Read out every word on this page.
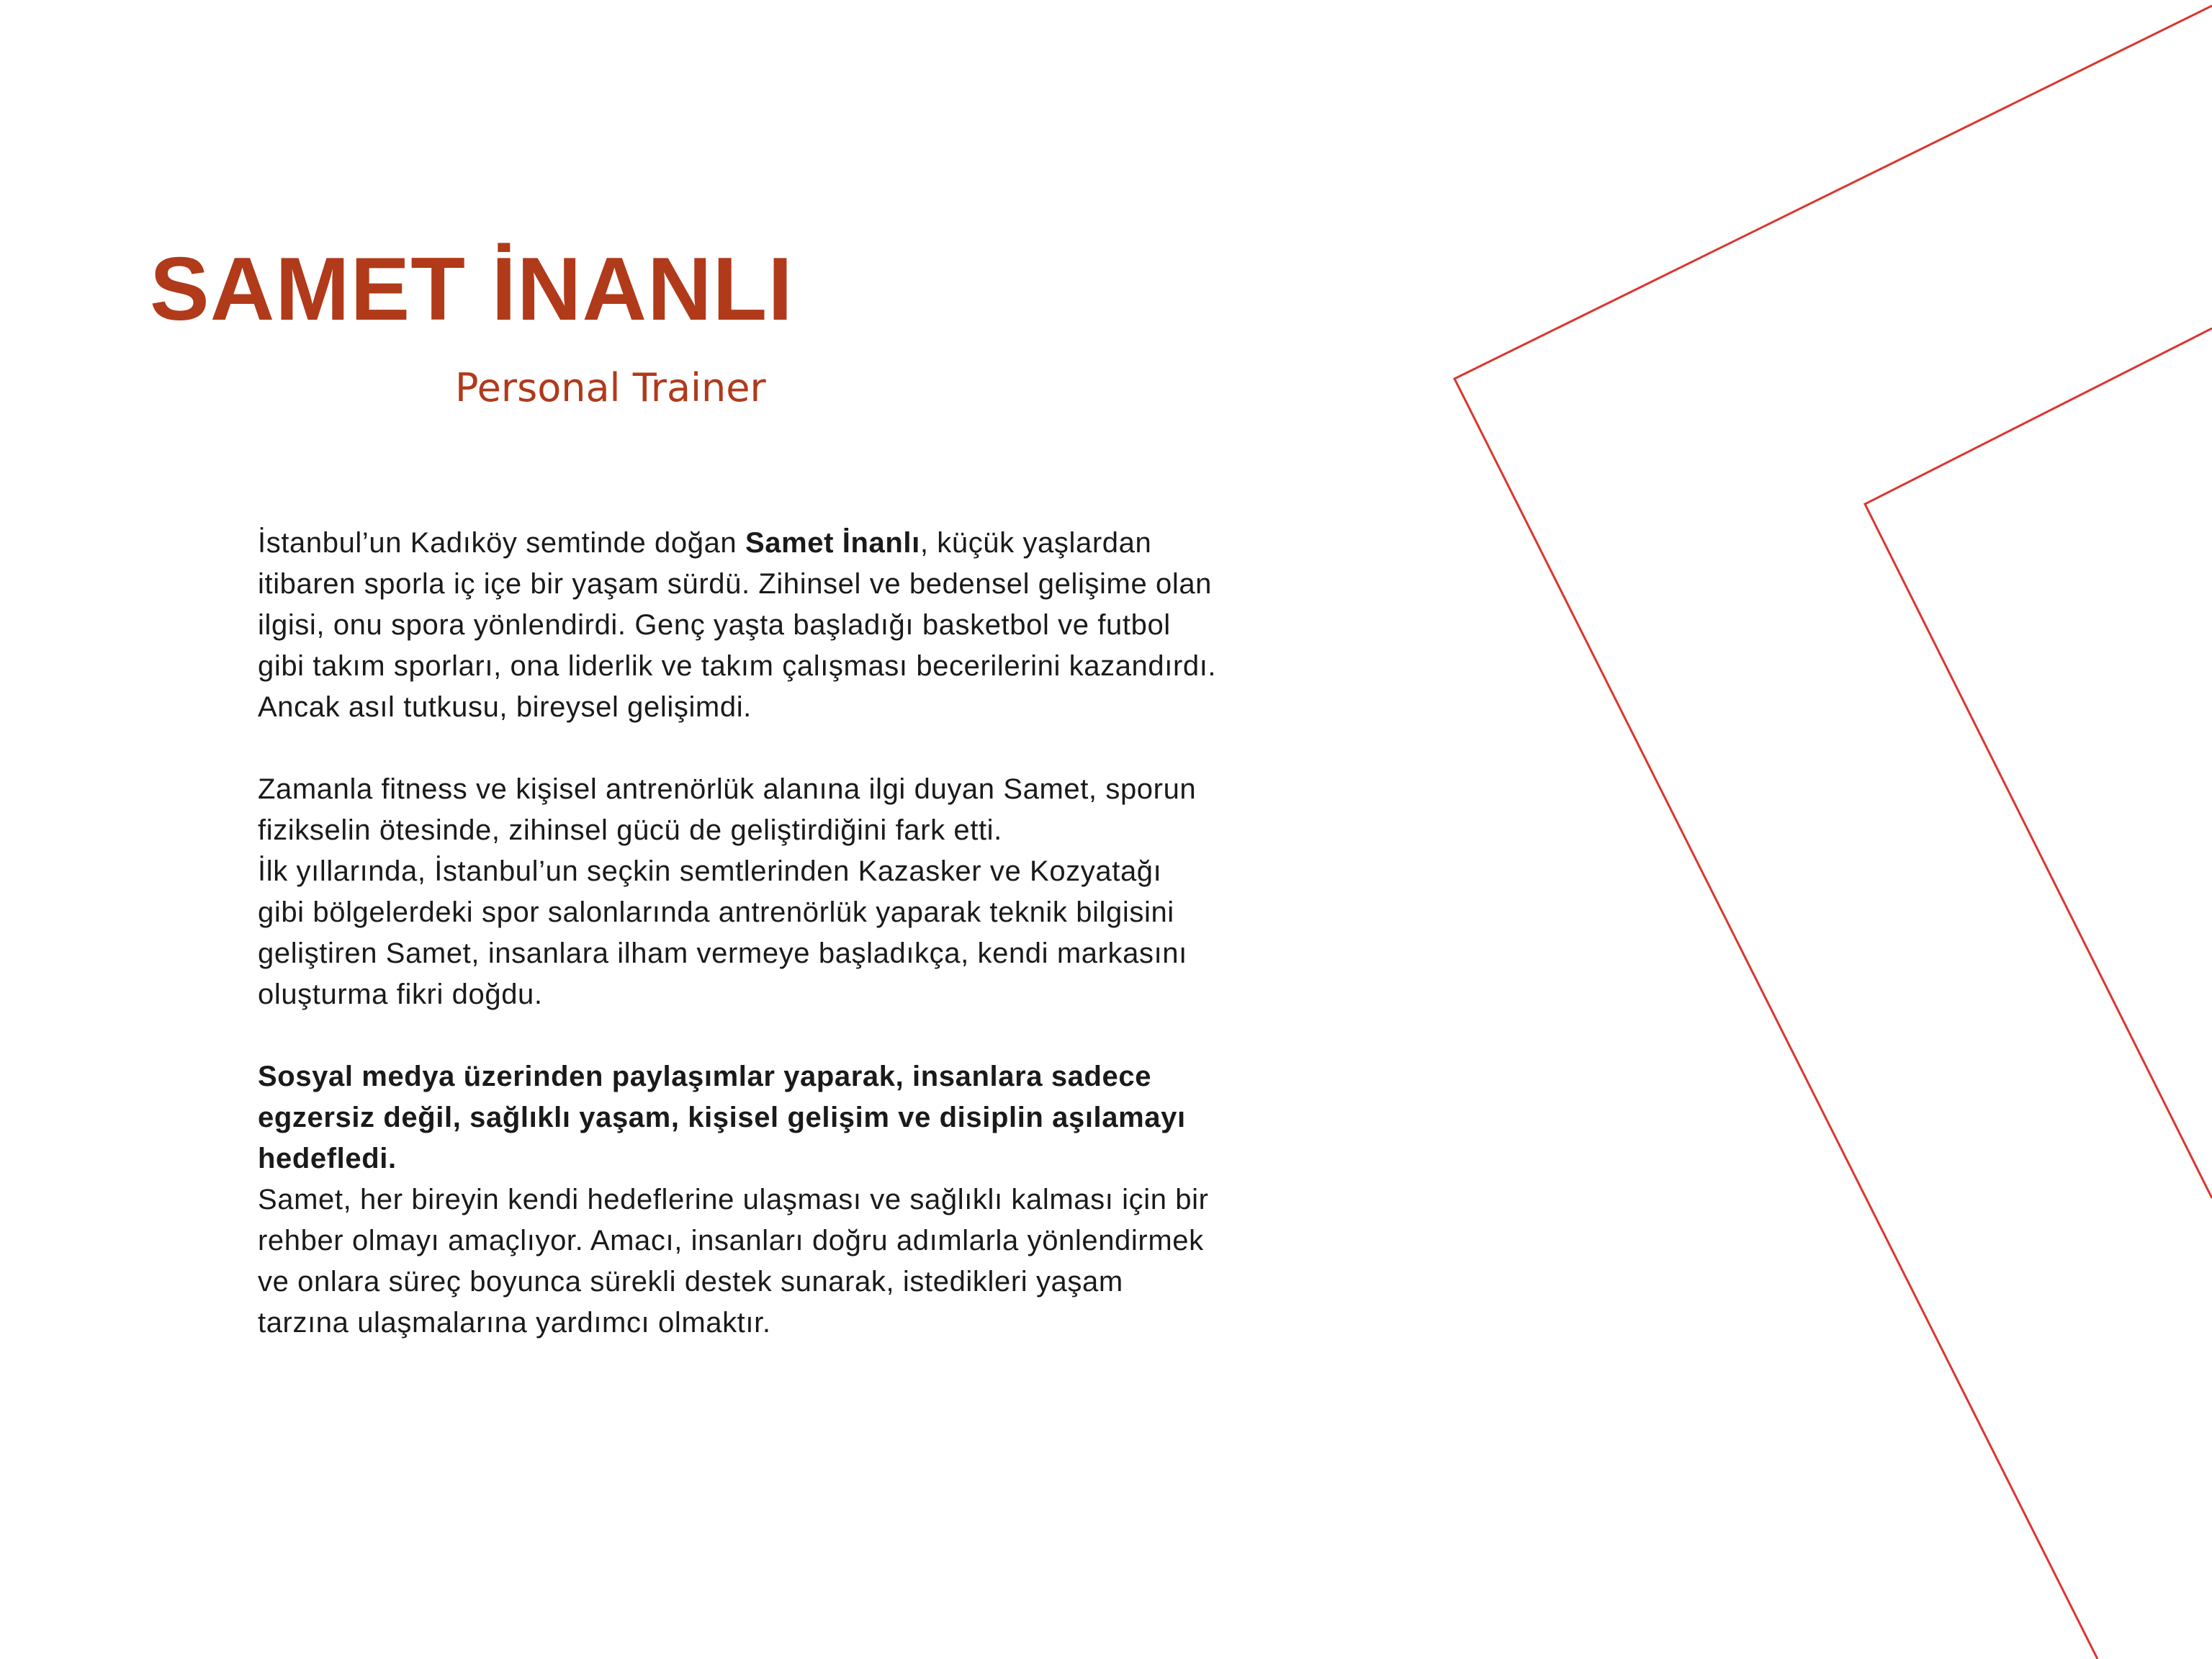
SAMET İNANLI
Personal Trainer
İstanbul’un Kadıköy semtinde doğan Samet İnanlı, küçük yaşlardan
itibaren sporla iç içe bir yaşam sürdü. Zihinsel ve bedensel gelişime olan
ilgisi, onu spora yönlendirdi. Genç yaşta başladığı basketbol ve futbol
gibi takım sporları, ona liderlik ve takım çalışması becerilerini kazandırdı.
Ancak asıl tutkusu, bireysel gelişimdi.
Zamanla fitness ve kişisel antrenörlük alanına ilgi duyan Samet, sporun
fizikselin ötesinde, zihinsel gücü de geliştirdiğini fark etti.
İlk yıllarında, İstanbul’un seçkin semtlerinden Kazasker ve Kozyatağı
gibi bölgelerdeki spor salonlarında antrenörlük yaparak teknik bilgisini
geliştiren Samet, insanlara ilham vermeye başladıkça, kendi markasını
oluşturma fikri doğdu.
Sosyal medya üzerinden paylaşımlar yaparak, insanlara sadece
egzersiz değil, sağlıklı yaşam, kişisel gelişim ve disiplin aşılamayı
hedefledi.
Samet, her bireyin kendi hedeflerine ulaşması ve sağlıklı kalması için bir
rehber olmayı amaçlıyor. Amacı, insanları doğru adımlarla yönlendirmek
ve onlara süreç boyunca sürekli destek sunarak, istedikleri yaşam
tarzına ulaşmalarına yardımcı olmaktır.
